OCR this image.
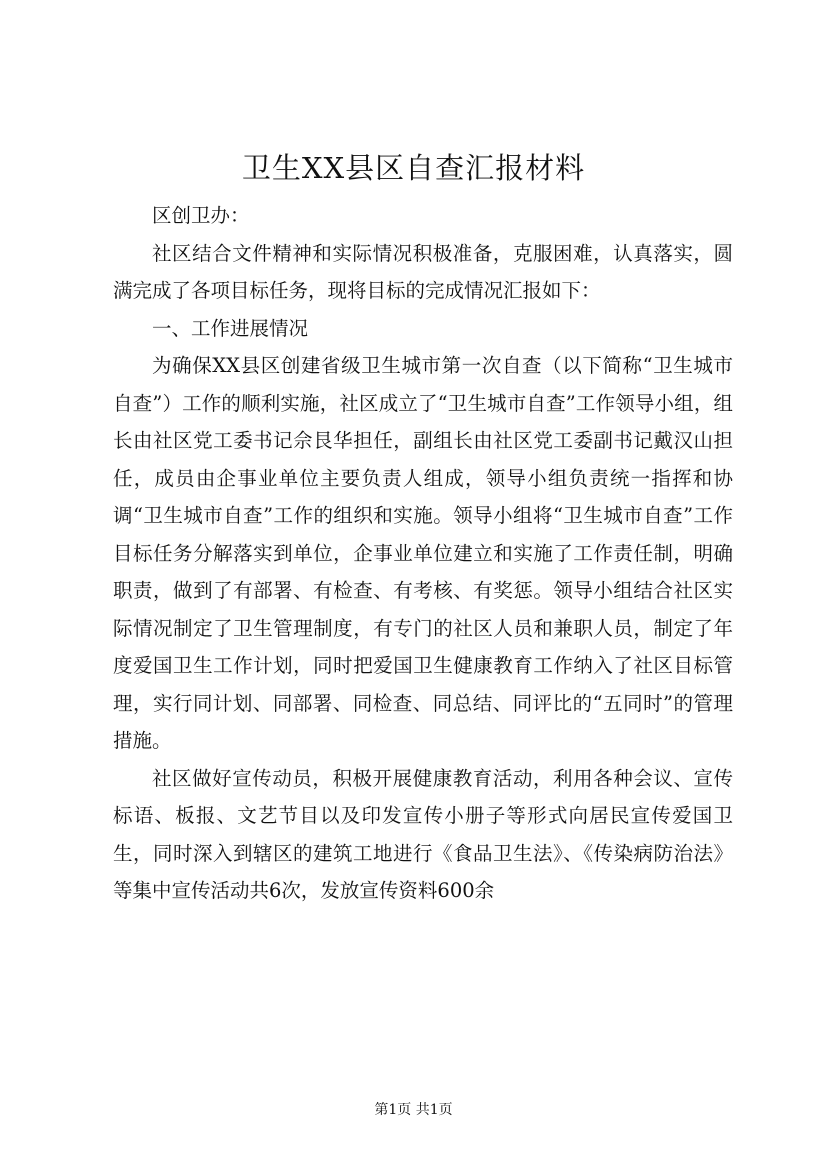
卫生XX县区自查汇报材料

区创卫办：

社区结合文件精神和实际情况积极准备，克服困难，认真落实，圆满完成了各项目标任务，现将目标的完成情况汇报如下：

一、工作进展情况

为确保XX县区创建省级卫生城市第一次自查（以下简称“卫生城市自查”）工作的顺利实施，社区成立了“卫生城市自查”工作领导小组，组长由社区党工委书记佘艮华担任，副组长由社区党工委副书记戴汉山担任，成员由企事业单位主要负责人组成，领导小组负责统一指挥和协调“卫生城市自查”工作的组织和实施。领导小组将“卫生城市自查”工作目标任务分解落实到单位，企事业单位建立和实施了工作责任制，明确职责，做到了有部署、有检查、有考核、有奖惩。领导小组结合社区实际情况制定了卫生管理制度，有专门的社区人员和兼职人员，制定了年度爱国卫生工作计划，同时把爱国卫生健康教育工作纳入了社区目标管理，实行同计划、同部署、同检查、同总结、同评比的“五同时”的管理措施。

社区做好宣传动员，积极开展健康教育活动，利用各种会议、宣传标语、板报、文艺节目以及印发宣传小册子等形式向居民宣传爱国卫生，同时深入到辖区的建筑工地进行《食品卫生法》、《传染病防治法》等集中宣传活动共6次，发放宣传资料600余

第1页 共1页
